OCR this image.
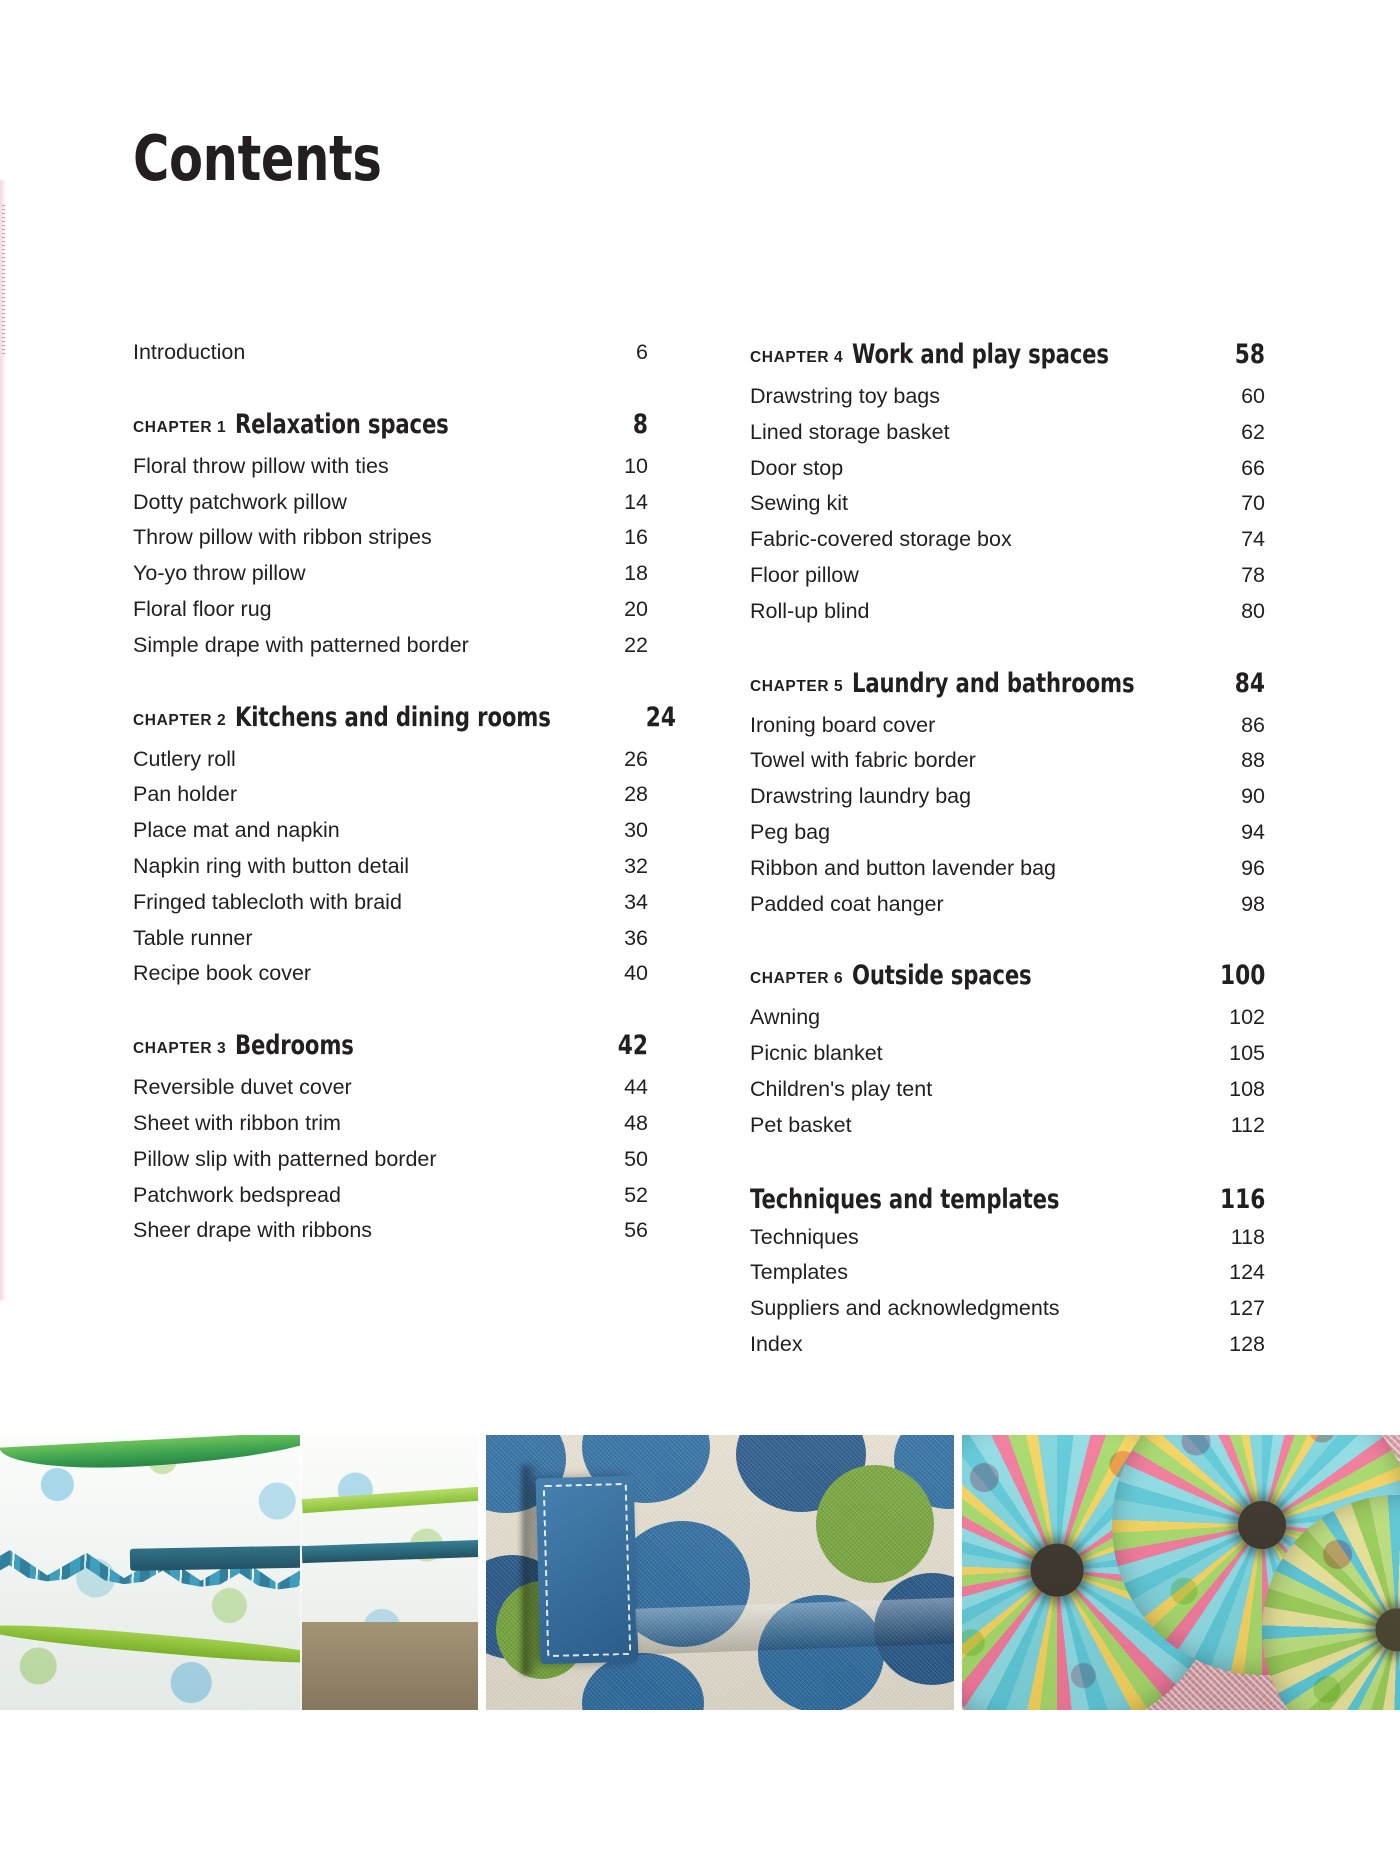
Contents
Introduction	6
CHAPTER 1 Relaxation spaces	8
Floral throw pillow with ties	10
Dotty patchwork pillow	14
Throw pillow with ribbon stripes	16
Yo-yo throw pillow	18
Floral floor rug	20
Simple drape with patterned border	22
CHAPTER 2 Kitchens and dining rooms	24
Cutlery roll	26
Pan holder	28
Place mat and napkin	30
Napkin ring with button detail	32
Fringed tablecloth with braid	34
Table runner	36
Recipe book cover	40
CHAPTER 3 Bedrooms	42
Reversible duvet cover	44
Sheet with ribbon trim	48
Pillow slip with patterned border	50
Patchwork bedspread	52
Sheer drape with ribbons	56
CHAPTER 4 Work and play spaces	58
Drawstring toy bags	60
Lined storage basket	62
Door stop	66
Sewing kit	70
Fabric-covered storage box	74
Floor pillow	78
Roll-up blind	80
CHAPTER 5 Laundry and bathrooms	84
Ironing board cover	86
Towel with fabric border	88
Drawstring laundry bag	90
Peg bag	94
Ribbon and button lavender bag	96
Padded coat hanger	98
CHAPTER 6 Outside spaces	100
Awning	102
Picnic blanket	105
Children's play tent	108
Pet basket	112
Techniques and templates	116
Techniques	118
Templates	124
Suppliers and acknowledgments	127
Index	128
